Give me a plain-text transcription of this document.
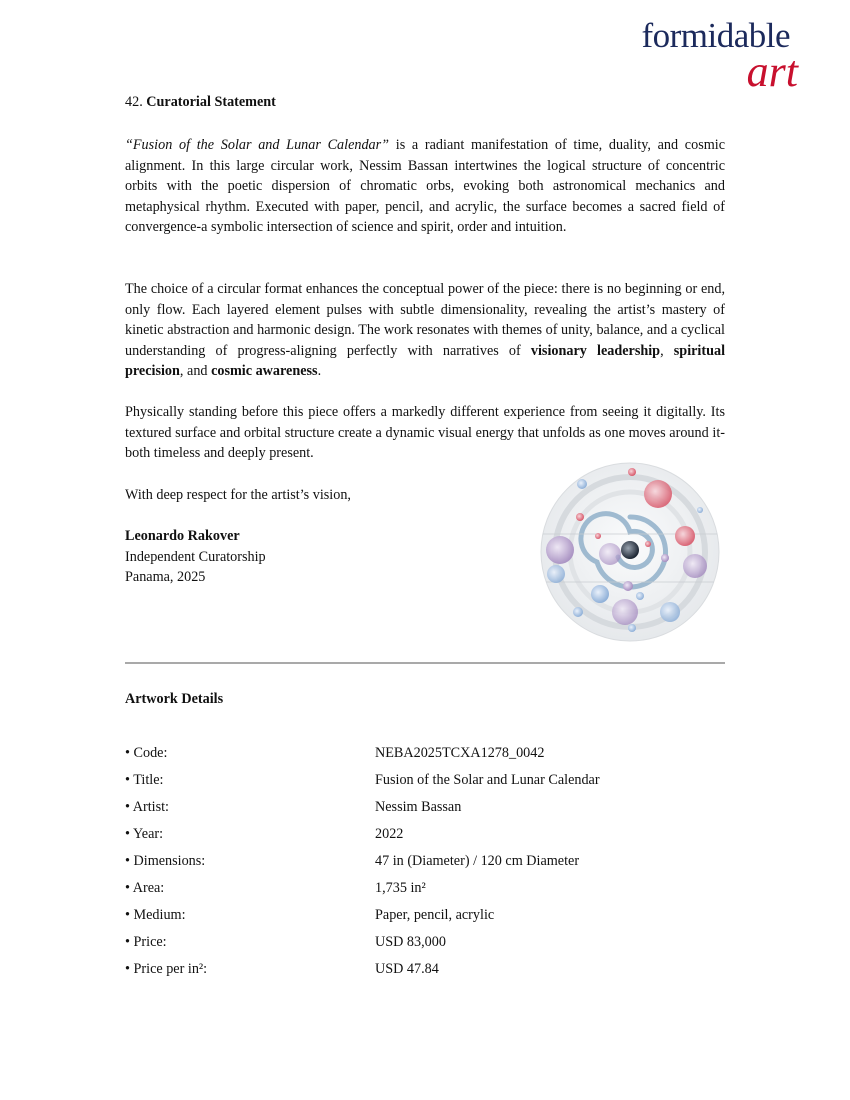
formidable
art
42. Curatorial Statement

“Fusion of the Solar and Lunar Calendar” is a radiant manifestation of time, duality, and cosmic alignment. In this large circular work, Nessim Bassan intertwines the logical structure of concentric orbits with the poetic dispersion of chromatic orbs, evoking both astronomical mechanics and metaphysical rhythm. Executed with paper, pencil, and acrylic, the surface becomes a sacred field of convergence-a symbolic intersection of science and spirit, order and intuition.

The choice of a circular format enhances the conceptual power of the piece: there is no beginning or end, only flow. Each layered element pulses with subtle dimensionality, revealing the artist’s mastery of kinetic abstraction and harmonic design. The work resonates with themes of unity, balance, and a cyclical understanding of progress-aligning perfectly with narratives of visionary leadership, spiritual precision, and cosmic awareness.

Physically standing before this piece offers a markedly different experience from seeing it digitally. Its textured surface and orbital structure create a dynamic visual energy that unfolds as one moves around it-both timeless and deeply present.

With deep respect for the artist’s vision,
Leonardo Rakover
Independent Curatorship
Panama, 2025
Artwork Details
• Code:	NEBA2025TCXA1278_0042
• Title:	Fusion of the Solar and Lunar Calendar
• Artist:	Nessim Bassan
• Year:	2022
• Dimensions:	47 in (Diameter) / 120 cm Diameter
• Area:	1,735 in²
• Medium:	Paper, pencil, acrylic
• Price:	USD 83,000
• Price per in²:	USD 47.84
